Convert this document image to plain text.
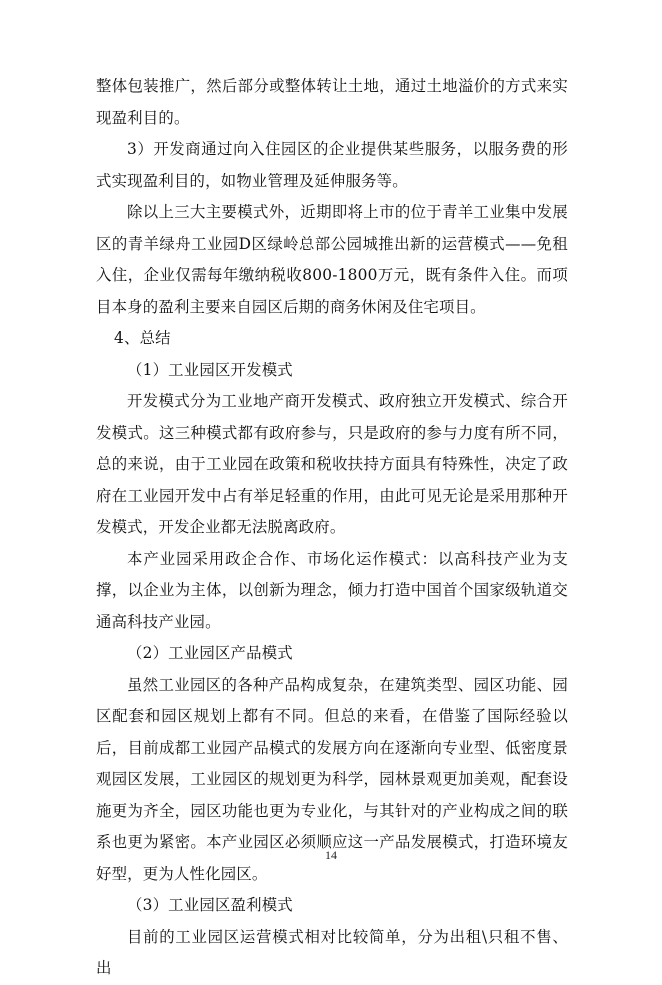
整体包装推广，然后部分或整体转让土地，通过土地溢价的方式来实现盈利目的。

3）开发商通过向入住园区的企业提供某些服务，以服务费的形式实现盈利目的，如物业管理及延伸服务等。

除以上三大主要模式外，近期即将上市的位于青羊工业集中发展区的青羊绿舟工业园D区绿岭总部公园城推出新的运营模式——免租入住，企业仅需每年缴纳税收800-1800万元，既有条件入住。而项目本身的盈利主要来自园区后期的商务休闲及住宅项目。

4、总结

（1）工业园区开发模式

开发模式分为工业地产商开发模式、政府独立开发模式、综合开发模式。这三种模式都有政府参与，只是政府的参与力度有所不同，总的来说，由于工业园在政策和税收扶持方面具有特殊性，决定了政府在工业园开发中占有举足轻重的作用，由此可见无论是采用那种开发模式，开发企业都无法脱离政府。

本产业园采用政企合作、市场化运作模式：以高科技产业为支撑，以企业为主体，以创新为理念，倾力打造中国首个国家级轨道交通高科技产业园。

（2）工业园区产品模式

虽然工业园区的各种产品构成复杂，在建筑类型、园区功能、园区配套和园区规划上都有不同。但总的来看，在借鉴了国际经验以后，目前成都工业园产品模式的发展方向在逐渐向专业型、低密度景观园区发展，工业园区的规划更为科学，园林景观更加美观，配套设施更为齐全，园区功能也更为专业化，与其针对的产业构成之间的联系也更为紧密。本产业园区必须顺应这一产品发展模式，打造环境友好型，更为人性化园区。

（3）工业园区盈利模式

目前的工业园区运营模式相对比较简单，分为出租\只租不售、出

14
